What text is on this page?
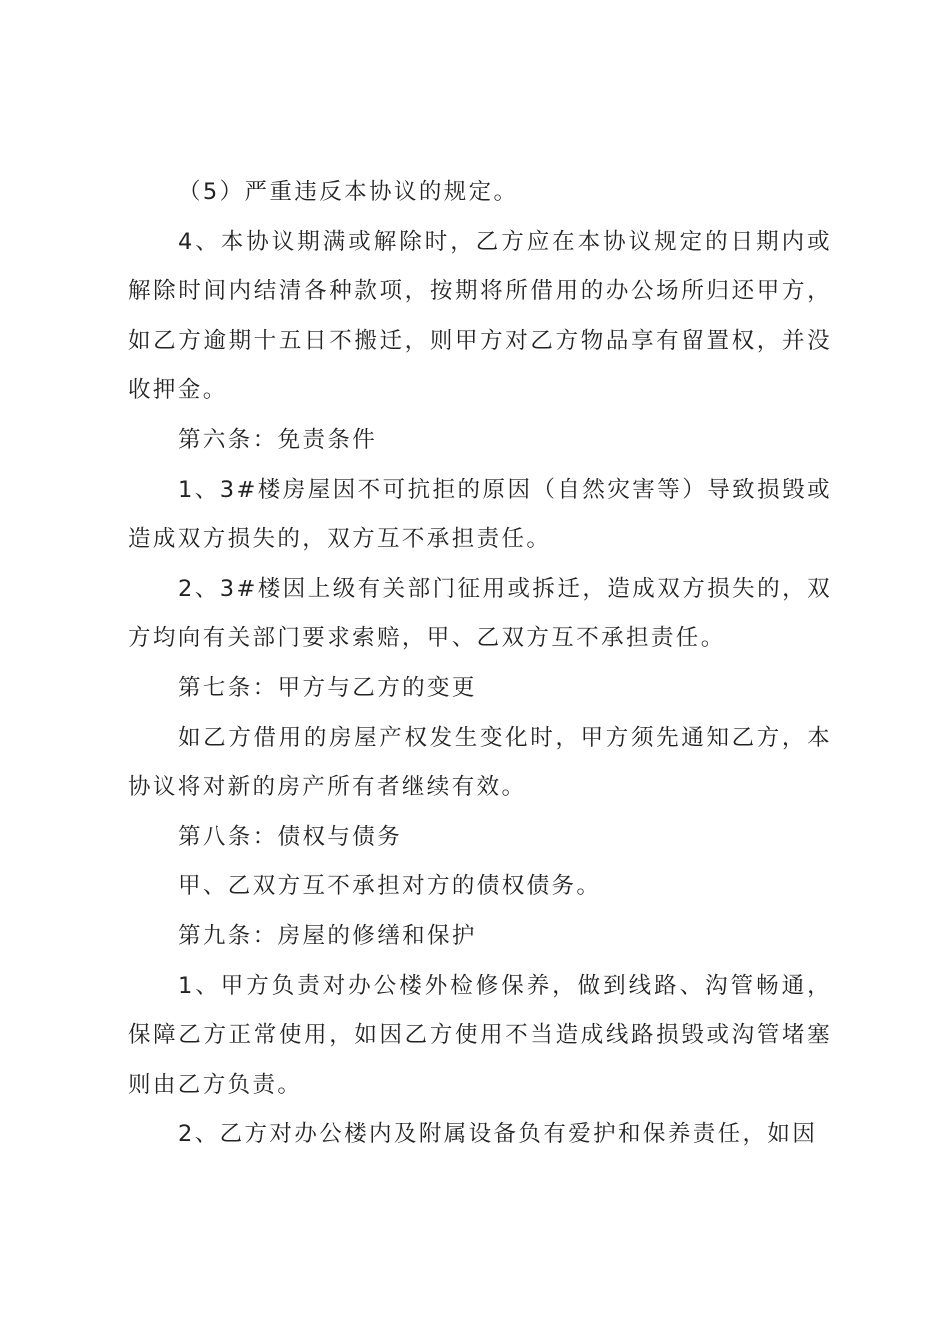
（5）严重违反本协议的规定。

4、本协议期满或解除时，乙方应在本协议规定的日期内或解除时间内结清各种款项，按期将所借用的办公场所归还甲方，如乙方逾期十五日不搬迁，则甲方对乙方物品享有留置权，并没收押金。

第六条：免责条件

1、3#楼房屋因不可抗拒的原因（自然灾害等）导致损毁或造成双方损失的，双方互不承担责任。

2、3#楼因上级有关部门征用或拆迁，造成双方损失的，双方均向有关部门要求索赔，甲、乙双方互不承担责任。

第七条：甲方与乙方的变更

如乙方借用的房屋产权发生变化时，甲方须先通知乙方，本协议将对新的房产所有者继续有效。

第八条：债权与债务

甲、乙双方互不承担对方的债权债务。

第九条：房屋的修缮和保护

1、甲方负责对办公楼外检修保养，做到线路、沟管畅通，保障乙方正常使用，如因乙方使用不当造成线路损毁或沟管堵塞则由乙方负责。

2、乙方对办公楼内及附属设备负有爱护和保养责任，如因
